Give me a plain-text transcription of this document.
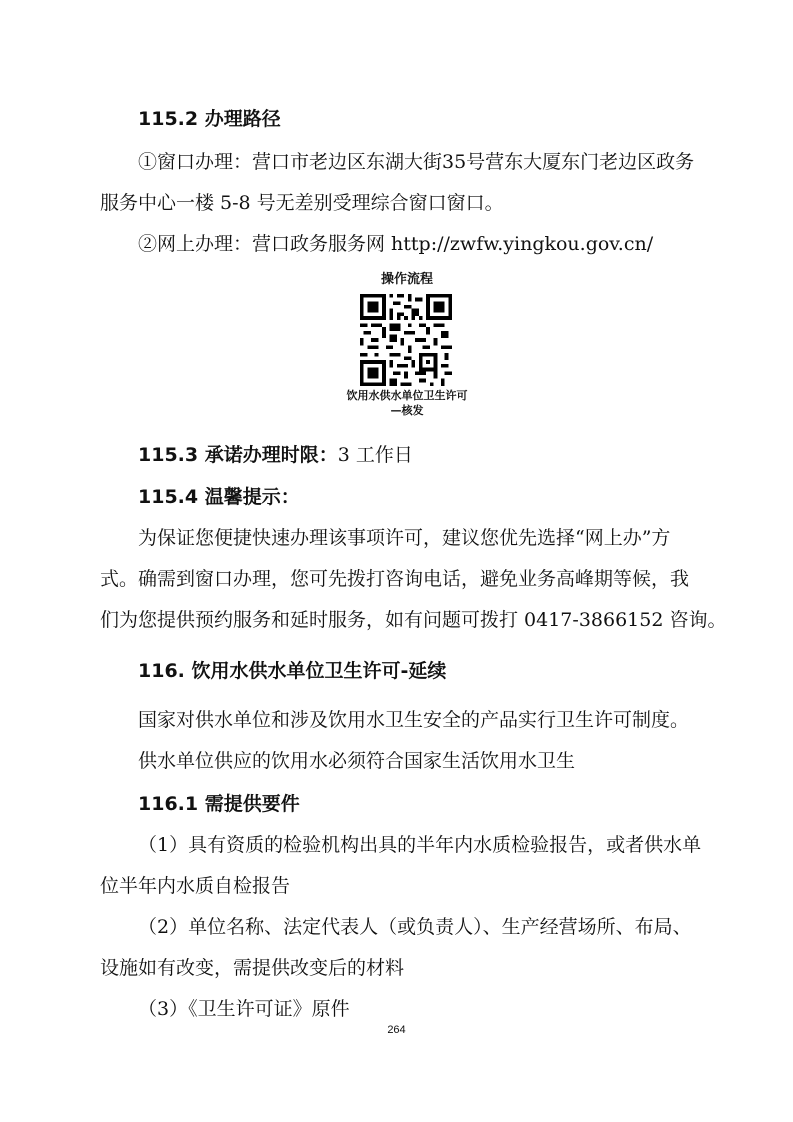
115.2 办理路径
①窗口办理：营口市老边区东湖大街35号营东大厦东门老边区政务
服务中心一楼 5-8 号无差别受理综合窗口窗口。
②网上办理：营口政务服务网 http://zwfw.yingkou.gov.cn/
操作流程
饮用水供水单位卫生许可
—核发
115.3 承诺办理时限：3 工作日
115.4 温馨提示：
为保证您便捷快速办理该事项许可，建议您优先选择“网上办”方
式。确需到窗口办理，您可先拨打咨询电话，避免业务高峰期等候，我
们为您提供预约服务和延时服务，如有问题可拨打 0417-3866152 咨询。
116. 饮用水供水单位卫生许可-延续
国家对供水单位和涉及饮用水卫生安全的产品实行卫生许可制度。
供水单位供应的饮用水必须符合国家生活饮用水卫生
116.1 需提供要件
（1）具有资质的检验机构出具的半年内水质检验报告，或者供水单
位半年内水质自检报告
（2）单位名称、法定代表人（或负责人）、生产经营场所、布局、
设施如有改变，需提供改变后的材料
（3）《卫生许可证》原件
264
